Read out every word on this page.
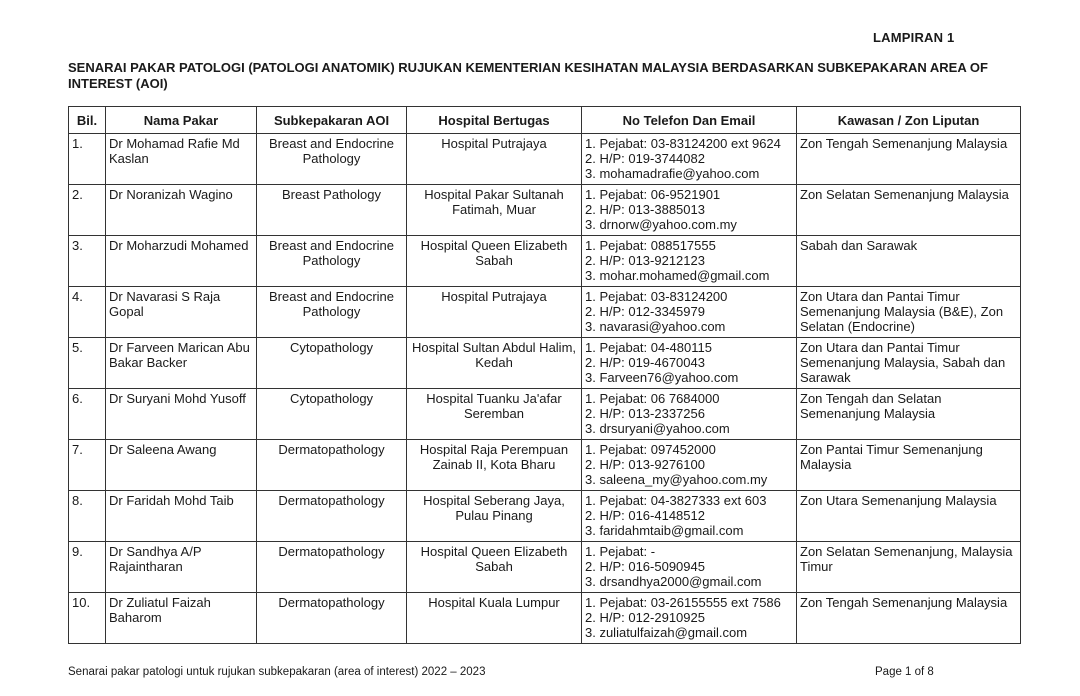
LAMPIRAN 1
SENARAI PAKAR PATOLOGI (PATOLOGI ANATOMIK) RUJUKAN KEMENTERIAN KESIHATAN MALAYSIA BERDASARKAN SUBKEPAKARAN AREA OF INTEREST (AOI)
Bil.	Nama Pakar	Subkepakaran AOI	Hospital Bertugas	No Telefon Dan Email	Kawasan / Zon Liputan
1.	Dr Mohamad Rafie Md Kaslan	Breast and Endocrine Pathology	Hospital Putrajaya	1. Pejabat: 03-83124200 ext 9624
2. H/P: 019-3744082
3. mohamadrafie@yahoo.com	Zon Tengah Semenanjung Malaysia
2.	Dr Noranizah Wagino	Breast Pathology	Hospital Pakar Sultanah Fatimah, Muar	1. Pejabat: 06-9521901
2. H/P: 013-3885013
3. drnorw@yahoo.com.my	Zon Selatan Semenanjung Malaysia
3.	Dr Moharzudi Mohamed	Breast and Endocrine Pathology	Hospital Queen Elizabeth Sabah	1. Pejabat: 088517555
2. H/P: 013-9212123
3. mohar.mohamed@gmail.com	Sabah dan Sarawak
4.	Dr Navarasi S Raja Gopal	Breast and Endocrine Pathology	Hospital Putrajaya	1. Pejabat: 03-83124200
2. H/P: 012-3345979
3. navarasi@yahoo.com	Zon Utara dan Pantai Timur Semenanjung Malaysia (B&E), Zon Selatan (Endocrine)
5.	Dr Farveen Marican Abu Bakar Backer	Cytopathology	Hospital Sultan Abdul Halim, Kedah	1. Pejabat: 04-480115
2. H/P: 019-4670043
3. Farveen76@yahoo.com	Zon Utara dan Pantai Timur Semenanjung Malaysia, Sabah dan Sarawak
6.	Dr Suryani Mohd Yusoff	Cytopathology	Hospital Tuanku Ja'afar Seremban	1. Pejabat: 06 7684000
2. H/P: 013-2337256
3. drsuryani@yahoo.com	Zon Tengah dan Selatan Semenanjung Malaysia
7.	Dr Saleena Awang	Dermatopathology	Hospital Raja Perempuan Zainab II, Kota Bharu	1. Pejabat: 097452000
2. H/P: 013-9276100
3. saleena_my@yahoo.com.my	Zon Pantai Timur Semenanjung Malaysia
8.	Dr Faridah Mohd Taib	Dermatopathology	Hospital Seberang Jaya, Pulau Pinang	1. Pejabat: 04-3827333 ext 603
2. H/P: 016-4148512
3. faridahmtaib@gmail.com	Zon Utara Semenanjung Malaysia
9.	Dr Sandhya A/P Rajaintharan	Dermatopathology	Hospital Queen Elizabeth Sabah	1. Pejabat: -
2. H/P: 016-5090945
3. drsandhya2000@gmail.com	Zon Selatan Semenanjung, Malaysia Timur
10.	Dr Zuliatul Faizah Baharom	Dermatopathology	Hospital Kuala Lumpur	1. Pejabat: 03-26155555 ext 7586
2. H/P: 012-2910925
3. zuliatulfaizah@gmail.com	Zon Tengah Semenanjung Malaysia
Senarai pakar patologi untuk rujukan subkepakaran (area of interest) 2022 – 2023	Page 1 of 8
